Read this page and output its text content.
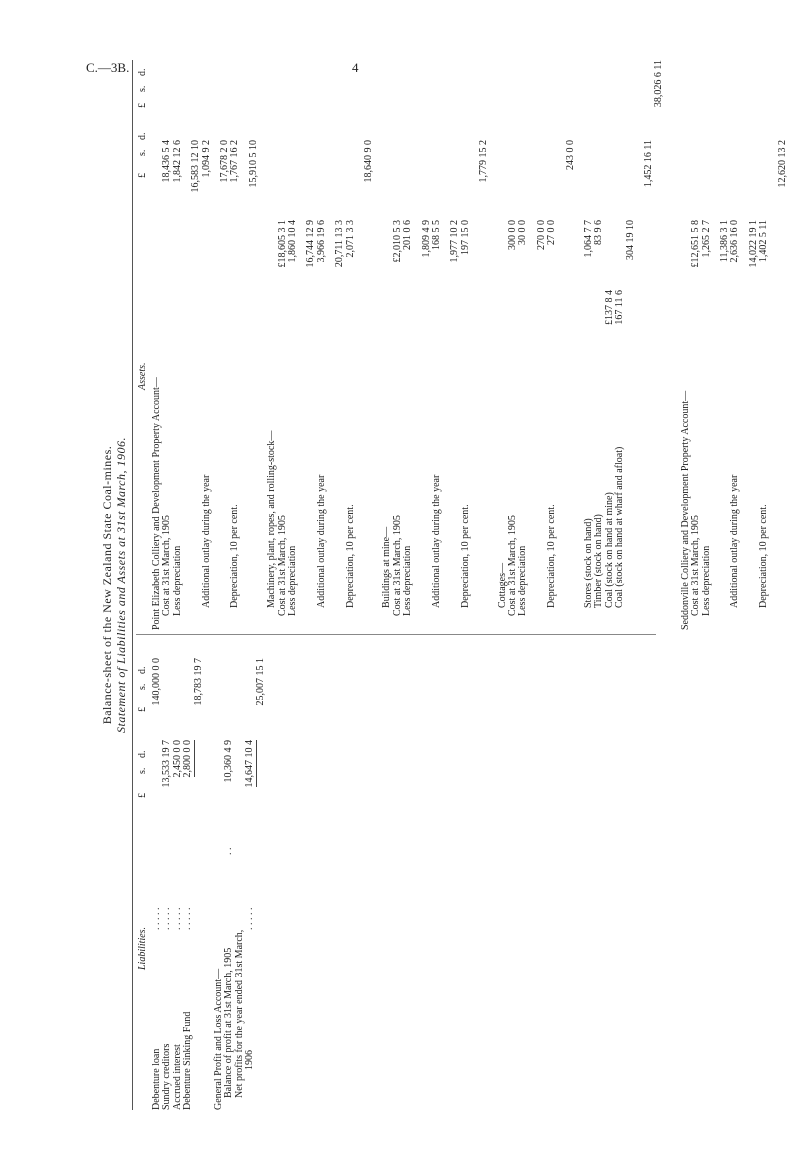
C.—3B.	4
Balance-sheet of the New Zealand State Coal-mines. Statement of Liabilities and Assets at 31st March, 1906.
Liabilities.
£
s.
d.
£
s.
d.
Debenture loan
. . . . .
140,000 0 0
Sundry creditors
. . . . .
13,533 19 7
Accrued interest
. . . . .
2,450 0 0
Debenture Sinking Fund
. . . . .
2,800 0 0
18,783 19 7
General Profit and Loss Account— Balance of profit at 31st March, 1905
. .
10,360 4 9
Net profits for the year ended 31st March, 1906
. . . . .
14,647 10 4
25,007 15 1
Assets.
£
s.
d.
£
s.
d.
Point Elizabeth Colliery and Development Property Account— Cost at 31st March, 1905
18,436 5 4
Less depreciation
1,842 12 6 16,583 12 10
Additional outlay during the year
1,094 9 2 17,678 2 0
Depreciation, 10 per cent.
1,767 16 2 15,910 5 10
Machinery, plant, ropes, and rolling-stock— Cost at 31st March, 1905
£18,605 3 1
Less depreciation
1,860 10 4 16,744 12 9
Additional outlay during the year
3,966 19 6 20,711 13 3
Depreciation, 10 per cent.
2,071 3 3
18,640 9 0
Buildings at mine— Cost at 31st March, 1905
£2,010 5 3
Less depreciation
201 0 6 1,809 4 9
Additional outlay during the year
168 5 5 1,977 10 2
Depreciation, 10 per cent.
197 15 0
1,779 15 2
Cottages— Cost at 31st March, 1905
300 0 0
Less depreciation
30 0 0 270 0 0
Depreciation, 10 per cent.
27 0 0
243 0 0
Stores (stock on hand)
1,064 7 7
Timber (stock on hand)
83 9 6
Coal (stock on hand at mine)
£137 8 4
Coal (stock on hand at wharf and afloat)
167 11 6
304 19 10
1,452 16 11
38,026 6 11
Seddonville Colliery and Development Property Account— Cost at 31st March, 1905
£12,651 5 8
Less depreciation
1,265 2 7 11,386 3 1
Additional outlay during the year
2,636 16 0 14,022 19 1
Depreciation, 10 per cent.
1,402 5 11
12,620 13 2
